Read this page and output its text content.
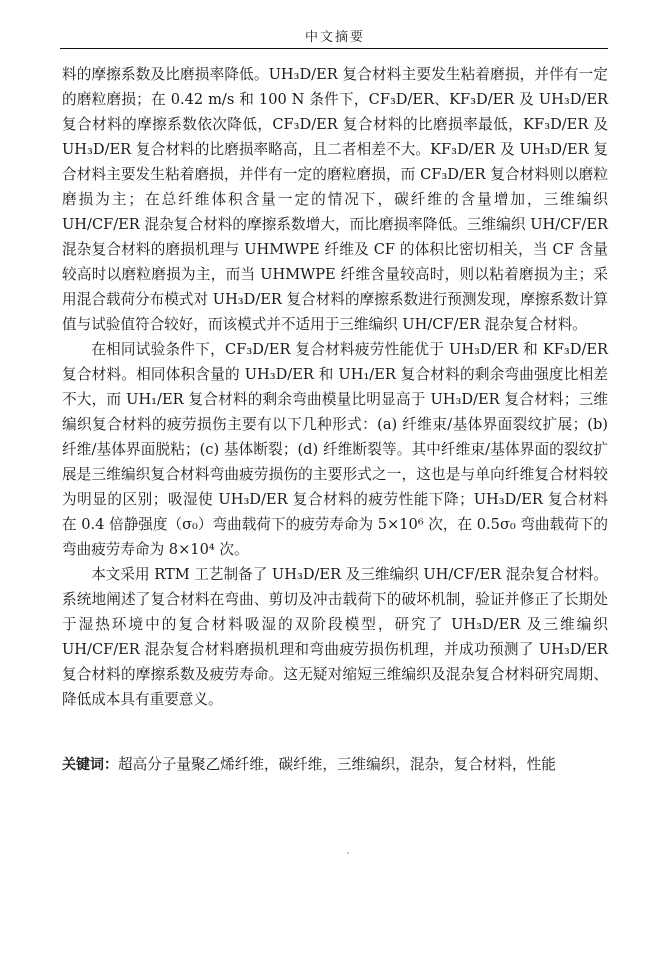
中文摘要

料的摩擦系数及比磨损率降低。UH₃D/ER 复合材料主要发生粘着磨损，并伴有一定的磨粒磨损；在 0.42 m/s 和 100 N 条件下，CF₃D/ER、KF₃D/ER 及 UH₃D/ER 复合材料的摩擦系数依次降低，CF₃D/ER 复合材料的比磨损率最低，KF₃D/ER 及 UH₃D/ER 复合材料的比磨损率略高，且二者相差不大。KF₃D/ER 及 UH₃D/ER 复合材料主要发生粘着磨损，并伴有一定的磨粒磨损，而 CF₃D/ER 复合材料则以磨粒磨损为主；在总纤维体积含量一定的情况下，碳纤维的含量增加，三维编织 UH/CF/ER 混杂复合材料的摩擦系数增大，而比磨损率降低。三维编织 UH/CF/ER 混杂复合材料的磨损机理与 UHMWPE 纤维及 CF 的体积比密切相关，当 CF 含量较高时以磨粒磨损为主，而当 UHMWPE 纤维含量较高时，则以粘着磨损为主；采用混合载荷分布模式对 UH₃D/ER 复合材料的摩擦系数进行预测发现，摩擦系数计算值与试验值符合较好，而该模式并不适用于三维编织 UH/CF/ER 混杂复合材料。

在相同试验条件下，CF₃D/ER 复合材料疲劳性能优于 UH₃D/ER 和 KF₃D/ER 复合材料。相同体积含量的 UH₃D/ER 和 UH₁/ER 复合材料的剩余弯曲强度比相差不大，而 UH₁/ER 复合材料的剩余弯曲模量比明显高于 UH₃D/ER 复合材料；三维编织复合材料的疲劳损伤主要有以下几种形式：(a) 纤维束/基体界面裂纹扩展；(b) 纤维/基体界面脱粘；(c) 基体断裂；(d) 纤维断裂等。其中纤维束/基体界面的裂纹扩展是三维编织复合材料弯曲疲劳损伤的主要形式之一，这也是与单向纤维复合材料较为明显的区别；吸湿使 UH₃D/ER 复合材料的疲劳性能下降；UH₃D/ER 复合材料在 0.4 倍静强度（σ₀）弯曲载荷下的疲劳寿命为 5×10⁶ 次，在 0.5σ₀ 弯曲载荷下的弯曲疲劳寿命为 8×10⁴ 次。

本文采用 RTM 工艺制备了 UH₃D/ER 及三维编织 UH/CF/ER 混杂复合材料。系统地阐述了复合材料在弯曲、剪切及冲击载荷下的破坏机制，验证并修正了长期处于湿热环境中的复合材料吸湿的双阶段模型，研究了 UH₃D/ER 及三维编织 UH/CF/ER 混杂复合材料磨损机理和弯曲疲劳损伤机理，并成功预测了 UH₃D/ER 复合材料的摩擦系数及疲劳寿命。这无疑对缩短三维编织及混杂复合材料研究周期、降低成本具有重要意义。

关键词：超高分子量聚乙烯纤维，碳纤维，三维编织，混杂，复合材料，性能
